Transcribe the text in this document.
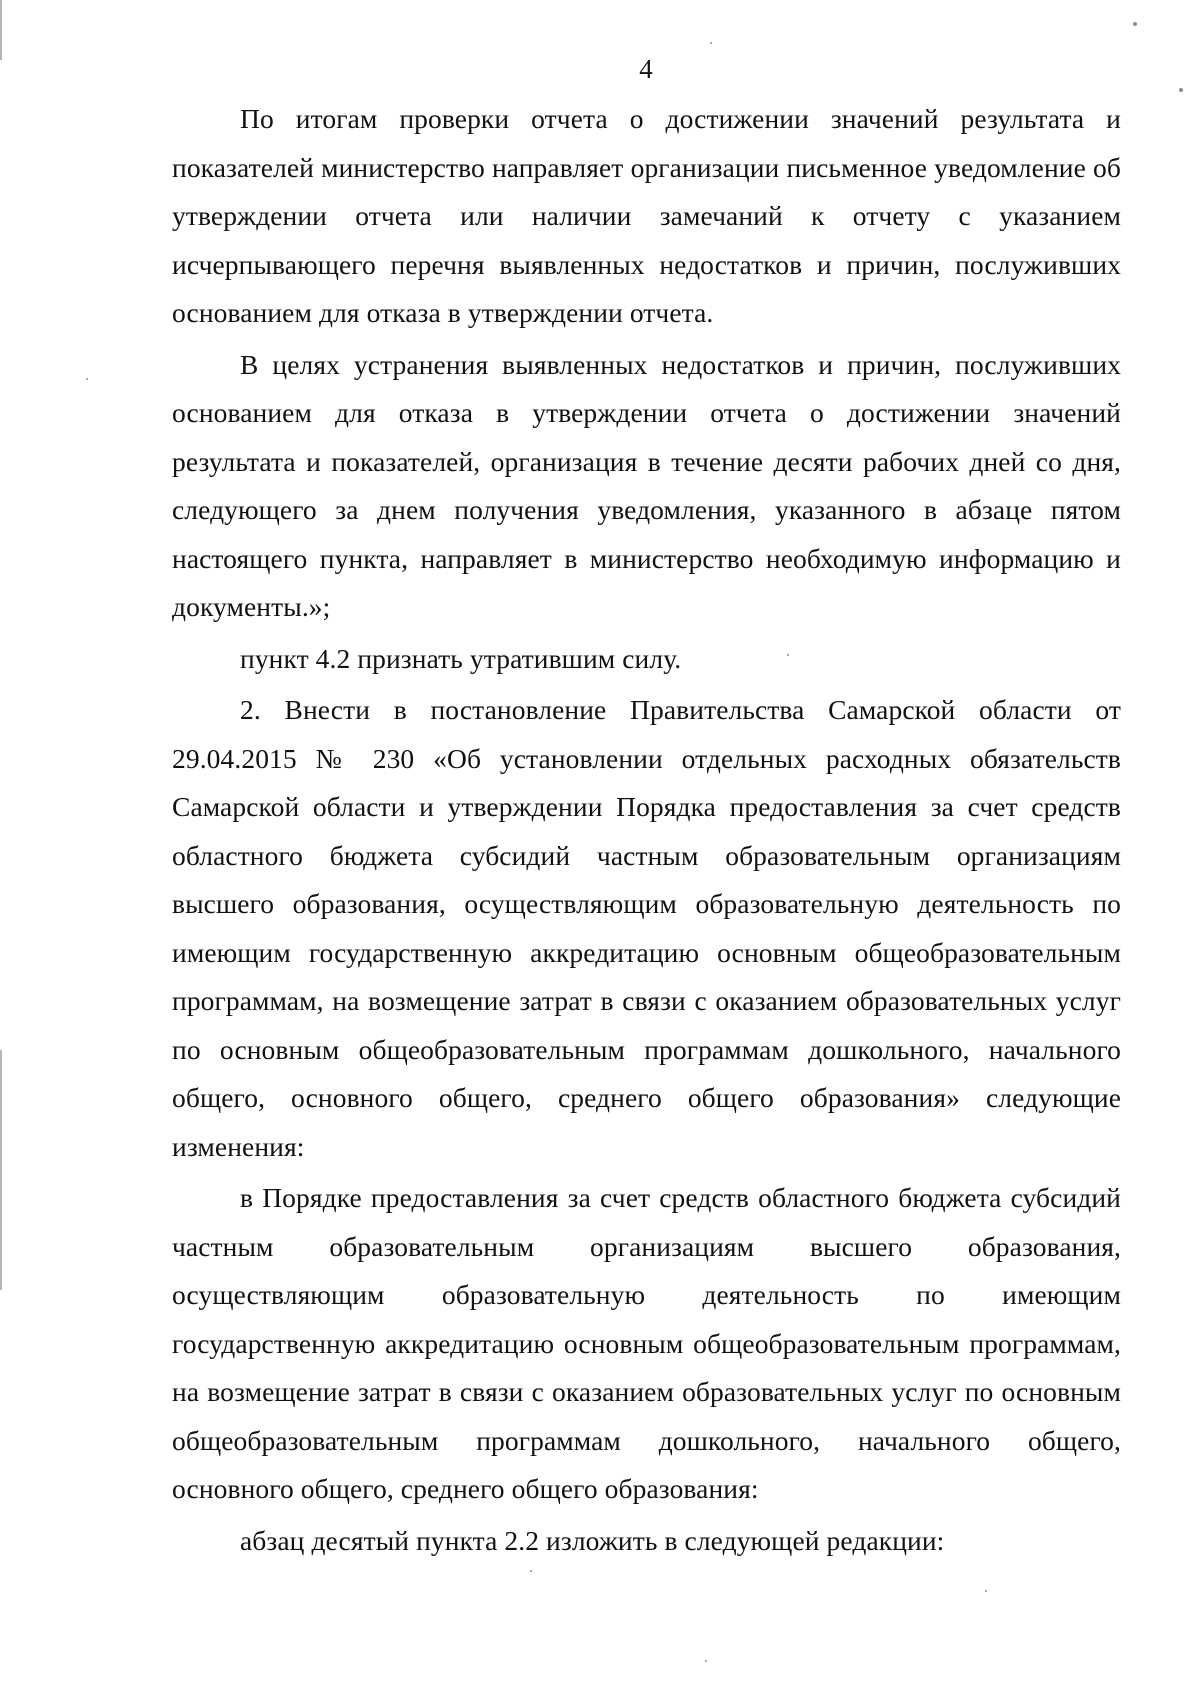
4

По итогам проверки отчета о достижении значений результата и показателей министерство направляет организации письменное уведомление об утверждении отчета или наличии замечаний к отчету с указанием исчерпывающего перечня выявленных недостатков и причин, послуживших основанием для отказа в утверждении отчета.

В целях устранения выявленных недостатков и причин, послуживших основанием для отказа в утверждении отчета о достижении значений результата и показателей, организация в течение десяти рабочих дней со дня, следующего за днем получения уведомления, указанного в абзаце пятом настоящего пункта, направляет в министерство необходимую информацию и документы.»;

пункт 4.2 признать утратившим силу.

2. Внести в постановление Правительства Самарской области от 29.04.2015 № 230 «Об установлении отдельных расходных обязательств Самарской области и утверждении Порядка предоставления за счет средств областного бюджета субсидий частным образовательным организациям высшего образования, осуществляющим образовательную деятельность по имеющим государственную аккредитацию основным общеобразовательным программам, на возмещение затрат в связи с оказанием образовательных услуг по основным общеобразовательным программам дошкольного, начального общего, основного общего, среднего общего образования» следующие изменения:

в Порядке предоставления за счет средств областного бюджета субсидий частным образовательным организациям высшего образования, осуществляющим образовательную деятельность по имеющим государственную аккредитацию основным общеобразовательным программам, на возмещение затрат в связи с оказанием образовательных услуг по основным общеобразовательным программам дошкольного, начального общего, основного общего, среднего общего образования:

абзац десятый пункта 2.2 изложить в следующей редакции:
